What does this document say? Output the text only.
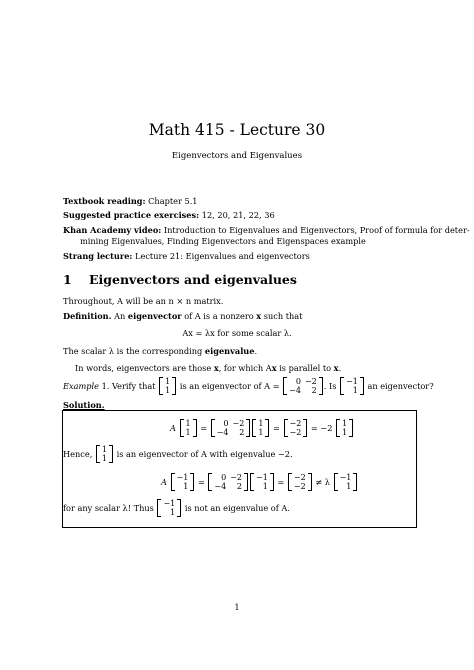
Math 415 - Lecture 30
Eigenvectors and Eigenvalues
Textbook reading: Chapter 5.1
Suggested practice exercises: 12, 20, 21, 22, 36
Khan Academy video: Introduction to Eigenvalues and Eigenvectors, Proof of formula for deter-
mining Eigenvalues, Finding Eigenvectors and Eigenspaces example
Strang lecture: Lecture 21: Eigenvalues and eigenvectors
1 Eigenvectors and eigenvalues
Throughout, A will be an n × n matrix.
Definition. An eigenvector of A is a nonzero x such that
Ax = λx for some scalar λ.
The scalar λ is the corresponding eigenvalue.
In words, eigenvectors are those x, for which Ax is parallel to x.
Example
1.
Verify that
1
1
is an eigenvector of A =
0	−2
−4	2 . Is
−1
1
an eigenvector?
Solution.
A
1
1
=
0	−2
−4	2
1
1
=
−2
−2
= −2
1
1
Hence,
1
1
is an eigenvector of A with eigenvalue −2.
A
−1
1
=
0	−2
−4	2
−1
1
=
−2
−2
≠ λ
−1
1
for any scalar λ! Thus
−1
1
is not an eigenvalue of A.
1
